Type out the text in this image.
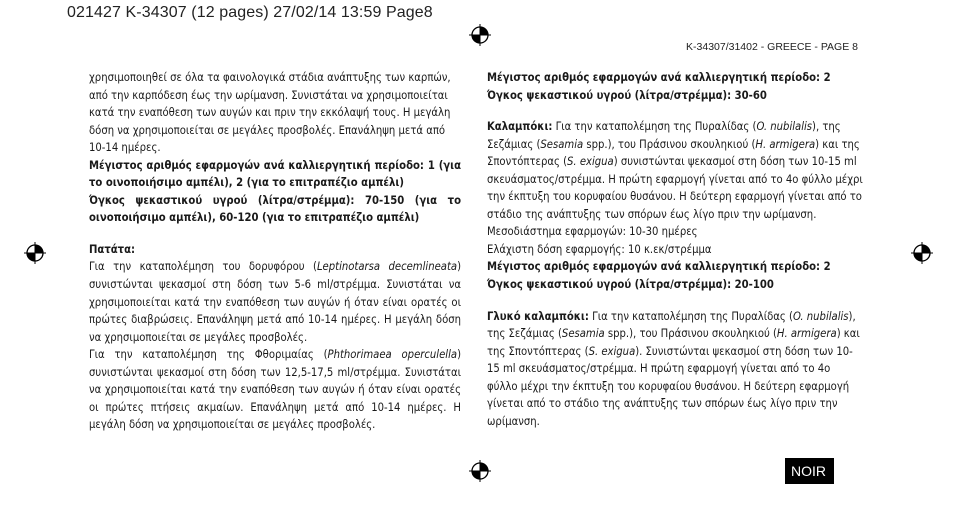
021427 K-34307 (12 pages) 27/02/14 13:59 Page8
K-34307/31402 - GREECE - PAGE 8

χρησιμοποιηθεί σε όλα τα φαινολογικά στάδια ανάπτυξης των καρπών, από την καρπόδεση έως την ωρίμανση. Συνιστάται να χρησιμοποιείται κατά την εναπόθεση των αυγών και πριν την εκκόλαψή τους. Η μεγάλη δόση να χρησιμοποιείται σε μεγάλες προσβολές. Επανάληψη μετά από 10-14 ημέρες.

Μέγιστος αριθμός εφαρμογών ανά καλλιεργητική περίοδο: 1 (για το οινοποιήσιμο αμπέλι), 2 (για το επιτραπέζιο αμπέλι)

Όγκος ψεκαστικού υγρού (λίτρα/στρέμμα): 70-150 (για το οινοποιήσιμο αμπέλι), 60-120 (για το επιτραπέζιο αμπέλι)

Πατάτα:

Για την καταπολέμηση του δορυφόρου (Leptinotarsa decemlineata) συνιστώνται ψεκασμοί στη δόση των 5-6 ml/στρέμμα. Συνιστάται να χρησιμοποιείται κατά την εναπόθεση των αυγών ή όταν είναι ορατές οι πρώτες διαβρώσεις. Επανάληψη μετά από 10-14 ημέρες. Η μεγάλη δόση να χρησιμοποιείται σε μεγάλες προσβολές.

Για την καταπολέμηση της Φθοριμαίας (Phthorimaea operculella) συνιστώνται ψεκασμοί στη δόση των 12,5-17,5 ml/στρέμμα. Συνιστάται να χρησιμοποιείται κατά την εναπόθεση των αυγών ή όταν είναι ορατές οι πρώτες πτήσεις ακμαίων. Επανάληψη μετά από 10-14 ημέρες. Η μεγάλη δόση να χρησιμοποιείται σε μεγάλες προσβολές.

Μέγιστος αριθμός εφαρμογών ανά καλλιεργητική περίοδο: 2

Όγκος ψεκαστικού υγρού (λίτρα/στρέμμα): 30-60

Καλαμπόκι: Για την καταπολέμηση της Πυραλίδας (O. nubilalis), της Σεζάμιας (Sesamia spp.), του Πράσινου σκουληκιού (H. armigera) και της Σποντόπτερας (S. exigua) συνιστώνται ψεκασμοί στη δόση των 10-15 ml σκευάσματος/στρέμμα. Η πρώτη εφαρμογή γίνεται από το 4ο φύλλο μέχρι την έκπτυξη του κορυφαίου θυσάνου. Η δεύτερη εφαρμογή γίνεται από το στάδιο της ανάπτυξης των σπόρων έως λίγο πριν την ωρίμανση.

Μεσοδιάστημα εφαρμογών: 10-30 ημέρες

Ελάχιστη δόση εφαρμογής: 10 κ.εκ/στρέμμα

Μέγιστος αριθμός εφαρμογών ανά καλλιεργητική περίοδο: 2

Όγκος ψεκαστικού υγρού (λίτρα/στρέμμα): 20-100

Γλυκό καλαμπόκι: Για την καταπολέμηση της Πυραλίδας (O. nubilalis), της Σεζάμιας (Sesamia spp.), του Πράσινου σκουληκιού (H. armigera) και της Σποντόπτερας (S. exigua). Συνιστώνται ψεκασμοί στη δόση των 10-15 ml σκευάσματος/στρέμμα. Η πρώτη εφαρμογή γίνεται από το 4ο φύλλο μέχρι την έκπτυξη του κορυφαίου θυσάνου. Η δεύτερη εφαρμογή γίνεται από το στάδιο της ανάπτυξης των σπόρων έως λίγο πριν την ωρίμανση.

NOIR
